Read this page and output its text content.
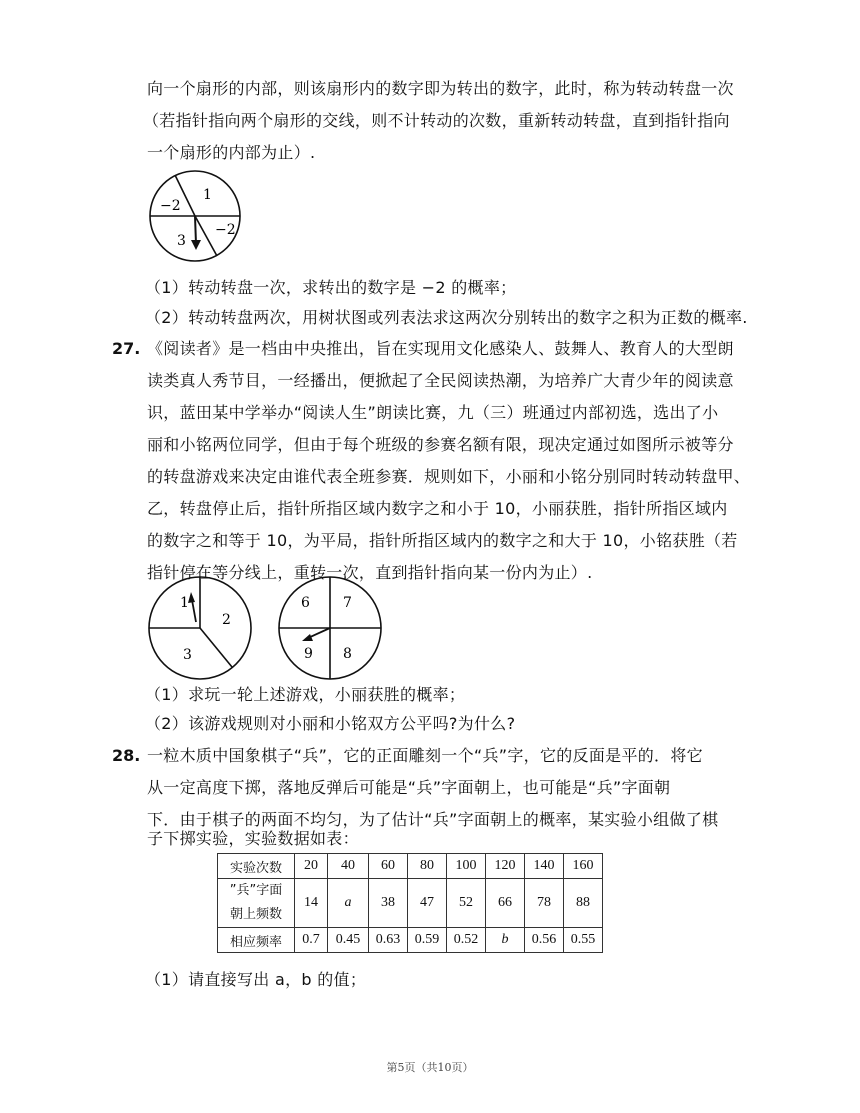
向一个扇形的内部，则该扇形内的数字即为转出的数字，此时，称为转动转盘一次
（若指针指向两个扇形的交线，则不计转动的次数，重新转动转盘，直到指针指向
一个扇形的内部为止）.
1
−2
−2
3
（1）转动转盘一次，求转出的数字是 −2 的概率；
（2）转动转盘两次，用树状图或列表法求这两次分别转出的数字之积为正数的概率.
27. 《阅读者》是一档由中央推出，旨在实现用文化感染人、鼓舞人、教育人的大型朗
读类真人秀节目，一经播出，便掀起了全民阅读热潮，为培养广大青少年的阅读意
识，蓝田某中学举办“阅读人生”朗读比赛，九（三）班通过内部初选，选出了小
丽和小铭两位同学，但由于每个班级的参赛名额有限，现决定通过如图所示被等分
的转盘游戏来决定由谁代表全班参赛．规则如下，小丽和小铭分别同时转动转盘甲、
乙，转盘停止后，指针所指区域内数字之和小于 10，小丽获胜，指针所指区域内
的数字之和等于 10，为平局，指针所指区域内的数字之和大于 10，小铭获胜（若
指针停在等分线上，重转一次，直到指针指向某一份内为止）.
1
2
3
6 7
9 8
（1）求玩一轮上述游戏，小丽获胜的概率；
（2）该游戏规则对小丽和小铭双方公平吗?为什么?
28. 一粒木质中国象棋子“兵”，它的正面雕刻一个“兵”字，它的反面是平的．将它
从一定高度下掷，落地反弹后可能是“兵”字面朝上，也可能是“兵”字面朝
下．由于棋子的两面不均匀，为了估计“兵”字面朝上的概率，某实验小组做了棋
子下掷实验，实验数据如表：
实验次数	20	40	60	80	100	120	140	160

”兵”字面
朝上频数	14	a	38	47	52	66	78	88
相应频率	0.7	0.45	0.63	0.59	0.52	b	0.56	0.55
（1）请直接写出 a，b 的值；
第5页（共10页）
